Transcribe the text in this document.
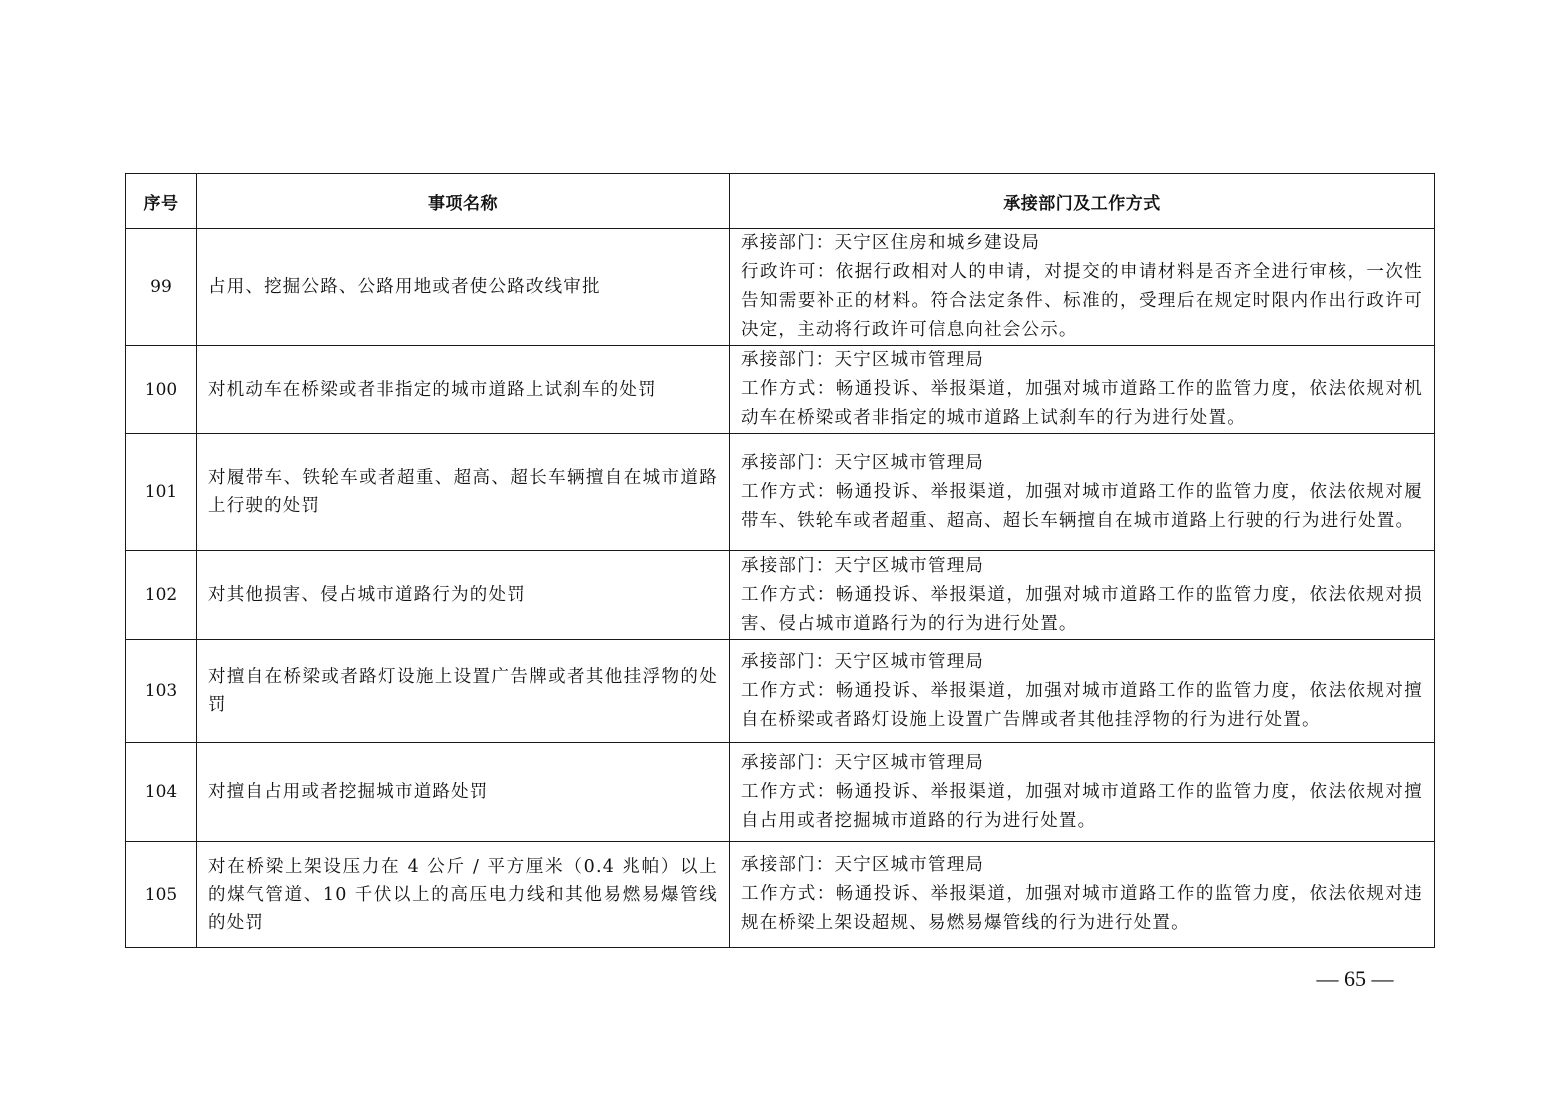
序号	事项名称	承接部门及工作方式
99	占用、挖掘公路、公路用地或者使公路改线审批	承接部门：天宁区住房和城乡建设局
行政许可：依据行政相对人的申请，对提交的申请材料是否齐全进行审核，一次性告知需要补正的材料。符合法定条件、标准的，受理后在规定时限内作出行政许可决定，主动将行政许可信息向社会公示。

100	对机动车在桥梁或者非指定的城市道路上试刹车的处罚	承接部门：天宁区城市管理局
工作方式：畅通投诉、举报渠道，加强对城市道路工作的监管力度，依法依规对机动车在桥梁或者非指定的城市道路上试刹车的行为进行处置。

101	对履带车、铁轮车或者超重、超高、超长车辆擅自在城市道路上行驶的处罚	承接部门：天宁区城市管理局
工作方式：畅通投诉、举报渠道，加强对城市道路工作的监管力度，依法依规对履带车、铁轮车或者超重、超高、超长车辆擅自在城市道路上行驶的行为进行处置。

102	对其他损害、侵占城市道路行为的处罚	承接部门：天宁区城市管理局
工作方式：畅通投诉、举报渠道，加强对城市道路工作的监管力度，依法依规对损害、侵占城市道路行为的行为进行处置。

103	对擅自在桥梁或者路灯设施上设置广告牌或者其他挂浮物的处罚	承接部门：天宁区城市管理局
工作方式：畅通投诉、举报渠道，加强对城市道路工作的监管力度，依法依规对擅自在桥梁或者路灯设施上设置广告牌或者其他挂浮物的行为进行处置。

104	对擅自占用或者挖掘城市道路处罚	承接部门：天宁区城市管理局
工作方式：畅通投诉、举报渠道，加强对城市道路工作的监管力度，依法依规对擅自占用或者挖掘城市道路的行为进行处置。

105	对在桥梁上架设压力在 4 公斤 / 平方厘米（0.4 兆帕）以上的煤气管道、10 千伏以上的高压电力线和其他易燃易爆管线的处罚	承接部门：天宁区城市管理局
工作方式：畅通投诉、举报渠道，加强对城市道路工作的监管力度，依法依规对违规在桥梁上架设超规、易燃易爆管线的行为进行处置。
— 65 —
